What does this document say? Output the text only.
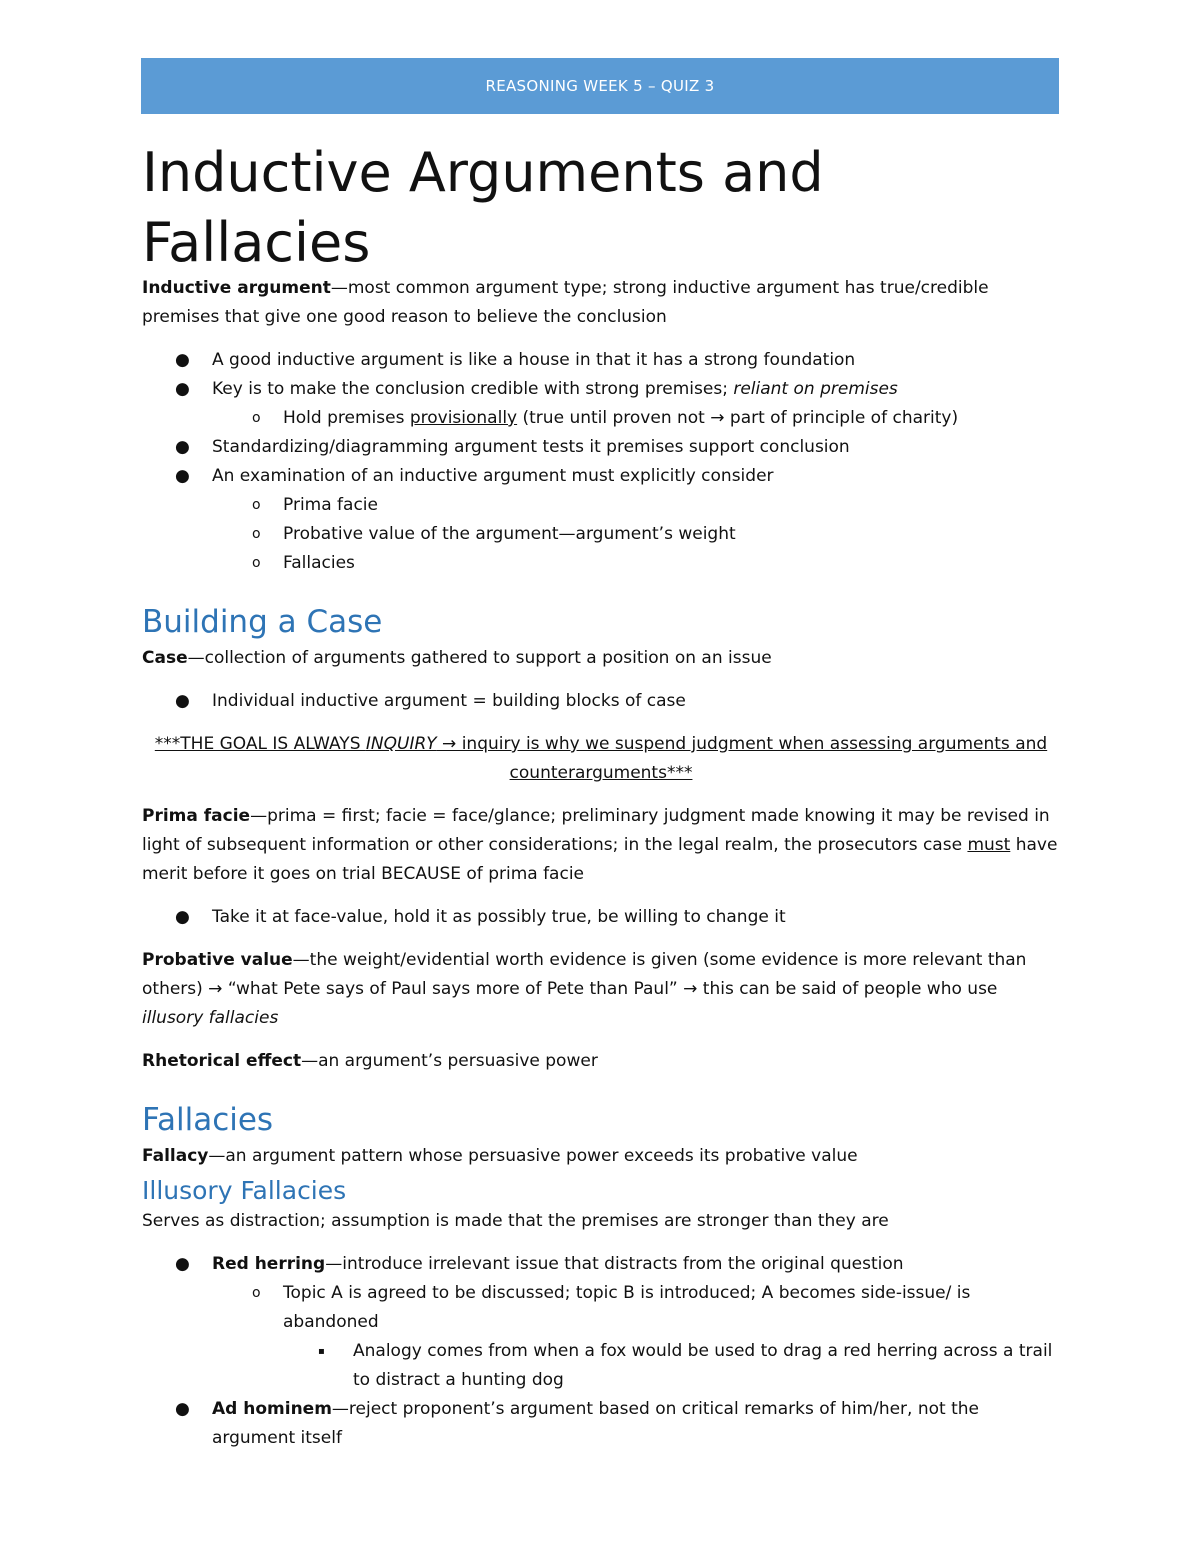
REASONING WEEK 5 – QUIZ 3
Inductive Arguments and Fallacies

Inductive argument—most common argument type; strong inductive argument has true/credible premises that give one good reason to believe the conclusion

● A good inductive argument is like a house in that it has a strong foundation
● Key is to make the conclusion credible with strong premises; reliant on premises
o Hold premises provisionally (true until proven not → part of principle of charity)
● Standardizing/diagramming argument tests it premises support conclusion
● An examination of an inductive argument must explicitly consider
o Prima facie
o Probative value of the argument—argument’s weight
o Fallacies
Building a Case

Case—collection of arguments gathered to support a position on an issue

● Individual inductive argument = building blocks of case

***THE GOAL IS ALWAYS INQUIRY → inquiry is why we suspend judgment when assessing arguments and counterarguments***

Prima facie—prima = first; facie = face/glance; preliminary judgment made knowing it may be revised in light of subsequent information or other considerations; in the legal realm, the prosecutors case must have merit before it goes on trial BECAUSE of prima facie

● Take it at face-value, hold it as possibly true, be willing to change it

Probative value—the weight/evidential worth evidence is given (some evidence is more relevant than others) → “what Pete says of Paul says more of Pete than Paul” → this can be said of people who use illusory fallacies

Rhetorical effect—an argument’s persuasive power

Fallacies

Fallacy—an argument pattern whose persuasive power exceeds its probative value

Illusory Fallacies

Serves as distraction; assumption is made that the premises are stronger than they are

● Red herring—introduce irrelevant issue that distracts from the original question
o Topic A is agreed to be discussed; topic B is introduced; A becomes side-issue/ is abandoned
▪ Analogy comes from when a fox would be used to drag a red herring across a trail to distract a hunting dog
● Ad hominem—reject proponent’s argument based on critical remarks of him/her, not the argument itself
